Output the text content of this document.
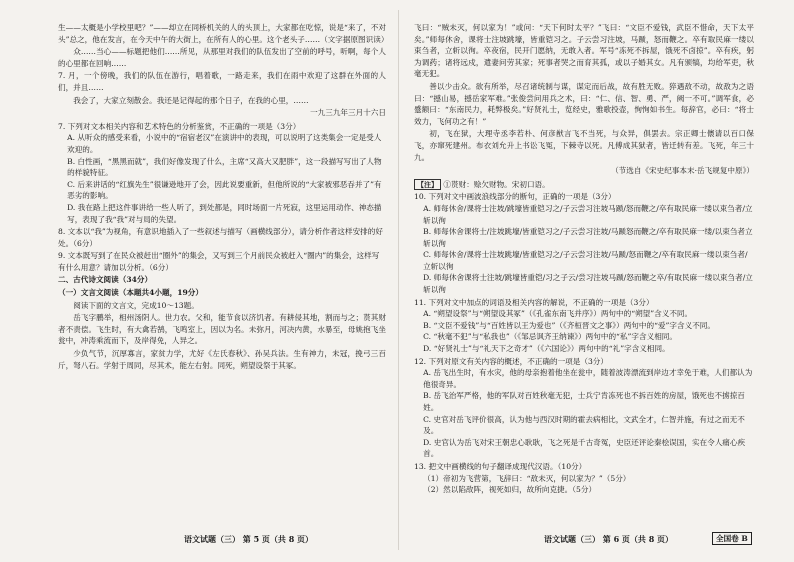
生——太概是小学校里吧？”——却立在同桥机关的人的头顶上，大家都在吃惊，说是“来了，不对头”总之，他在发言，在今天中午的大街上，在所有人的心里。这个老头子……（文字据原图识读）

众……当心——标题把他们……所见，从那里对我们的队伍发出了空前的呼号，听啊，每个人的心里都在回响……

7. 月，一个傍晚，我们的队伍在游行，唱着歌，一路走来，我们在雨中欢迎了这群在外面的人们，并且……

我会了，大家立刻散会。我还是记得起的那个日子，在我的心里，……

一九三九年三月十六日
7. 下列对文本相关内容和艺术特色的分析鉴赏，不正确的一项是（3分）
A. 从听众的感受来看，小说中的“宿宿老汉”在演讲中的表现，可以说明了这类集会一定是受人欢迎的。
B. 白性画，“黑黑而就”，我们好像发现了什么，主席“又高大又肥胖”，这一段描写写出了人物的样貌特征。
C. 后来讲话的“红旗先生”很谦逊地开了会，因此说要重新，但他所说的“大家被邪恶吞并了”有恶劣的影响。
D. 我在路上把这件事讲给一些人听了，到处都是，同时场面一片死寂，这里运用动作、神态描写，表现了我“我”对与局的失望。
8. 文本以“我”为视角，有意识地插入了一些叙述与描写（画横线部分），请分析作者这样安排的好处。（6分）
9. 文本既写到了在民众被赶出“圈外”的集会，又写到三个月前民众被赶入“圈内”的集会，这样写有什么用意？请加以分析。（6分）
二、古代诗文阅读（34分）
（一）文言文阅读（本题共4小题，19分）
阅读下面的文言文，完成10～13题。

岳飞字鹏举，相州汤阴人。世力农。父和，能节食以济饥者。有耕侵其地，割而与之；贳其财者不责偿。飞生时，有大禽若鹄，飞鸣室上，因以为名。未弥月，河决内黄，水暴至，母姚抱飞坐瓮中，冲涛乘流而下，及岸得免，人异之。

少负气节，沉厚寡言，家贫力学，尤好《左氏春秋》、孙吴兵法。生有神力，未冠，挽弓三百斤，弩八石。学射于周同，尽其术，能左右射。同死，朔望设祭于其冢。

飞曰：“贼未灭，何以家为！”或问：“天下何时太平？”飞曰：“文臣不爱钱，武臣不惜命，天下太平矣。”师每休舍，课将士注坡跳壕，皆重铠习之。子云尝习注坡，马踬，怒而鞭之。卒有取民麻一缕以束刍者，立斩以徇。卒夜宿，民开门愿纳，无敢入者。军号“冻死不拆屋，饿死不卤掠”。卒有疾，躬为调药；诸将远戍，遣妻问劳其家；死事者哭之而育其孤，或以子婚其女。凡有颁犒，均给军吏，秋毫无犯。

善以少击众。欲有所举，尽召诸统制与谋，谋定而后战，故有胜无败。猝遇敌不动，故敌为之语曰：“撼山易，撼岳家军难。”张俊尝问用兵之术，曰：“仁、信、智、勇、严，阙一不可。”调军食，必蹙额曰：“东南民力，耗弊极矣。”好贤礼士，览经史，雅歌投壶，恂恂如书生。每辞官，必曰：“将士效力，飞何功之有！”

初，飞在狱，大理寺丞李若朴、何彦猷言飞不当死，与众异，俱罢去。宗正卿士㒟请以百口保飞，亦窜死建州。布衣刘允升上书讼飞冤，下棘寺以死。凡傅成其狱者，皆迁转有差。飞死，年三十九。

（节选自《宋史纪事本末·岳飞规复中原》）
【注】 ①贳财：赊欠财物。宋初口语。
10. 下列对文中画波浪线部分的断句，正确的一项是（3分）
A. 师每休舍/课将士注坡/跳壕皆重铠习之/子云尝习注坡马踬/怒而鞭之/卒有取民麻一缕以束刍者/立斩以徇
B. 师每休舍课将士/注坡跳壕/皆重铠习之/子云尝习注坡/马踬怒而鞭之/卒有取民麻一缕/以束刍者立斩以徇
C. 师每休舍/课将士注坡跳壕/皆重铠习之/子云尝习注坡/马踬/怒而鞭之/卒有取民麻一缕以束刍者/立斩以徇
D. 师每休舍课将士注坡/跳壕皆重铠/习之子云/尝习注坡马踬/怒而鞭之卒/有取民麻一缕以束刍者/立斩以徇
11. 下列对文中加点的词语及相关内容的解说，不正确的一项是（3分）
A. “朔望设祭”与“朔望设其冢”（《孔雀东南飞并序》）两句中的“朔望”含义不同。
B. “文臣不爱钱”与“百姓皆以王为爱也”（《齐桓晋文之事》）两句中的“爱”字含义不同。
C. “秋毫不犯”与“私我也”（《邹忌讽齐王纳谏》）两句中的“私”字含义相同。
D. “好贤礼士”与“礼天下之奇才”（《六国论》）两句中的“礼”字含义相同。
12. 下列对原文有关内容的概述，不正确的一项是（3分）
A. 岳飞出生时，有水灾，他的母亲抱着他坐在瓮中，随着波涛漂流到岸边才幸免于难，人们都认为他很奇异。
B. 岳飞治军严格，他的军队对百姓秋毫无犯，士兵宁肯冻死也不拆百姓的房屋，饿死也不掳掠百姓。
C. 史官对岳飞评价很高，认为他与西汉时期的霍去病相比，文武全才，仁智并施，有过之而无不及。
D. 史官认为岳飞对宋王朝忠心耿耿，飞之死是千古奇冤，史臣还评论秦桧误国，实在令人痛心疾首。
13. 把文中画横线的句子翻译成现代汉语。（10分）
（1）帝初为飞营第，飞辞曰：“敌未灭，何以家为？”（5分）
（2）然以陷敌阵，视死如归，故所向克捷。（5分）
语文试题（三） 第 5 页（共 8 页）	语文试题（三） 第 6 页（共 8 页）	全国卷 B
